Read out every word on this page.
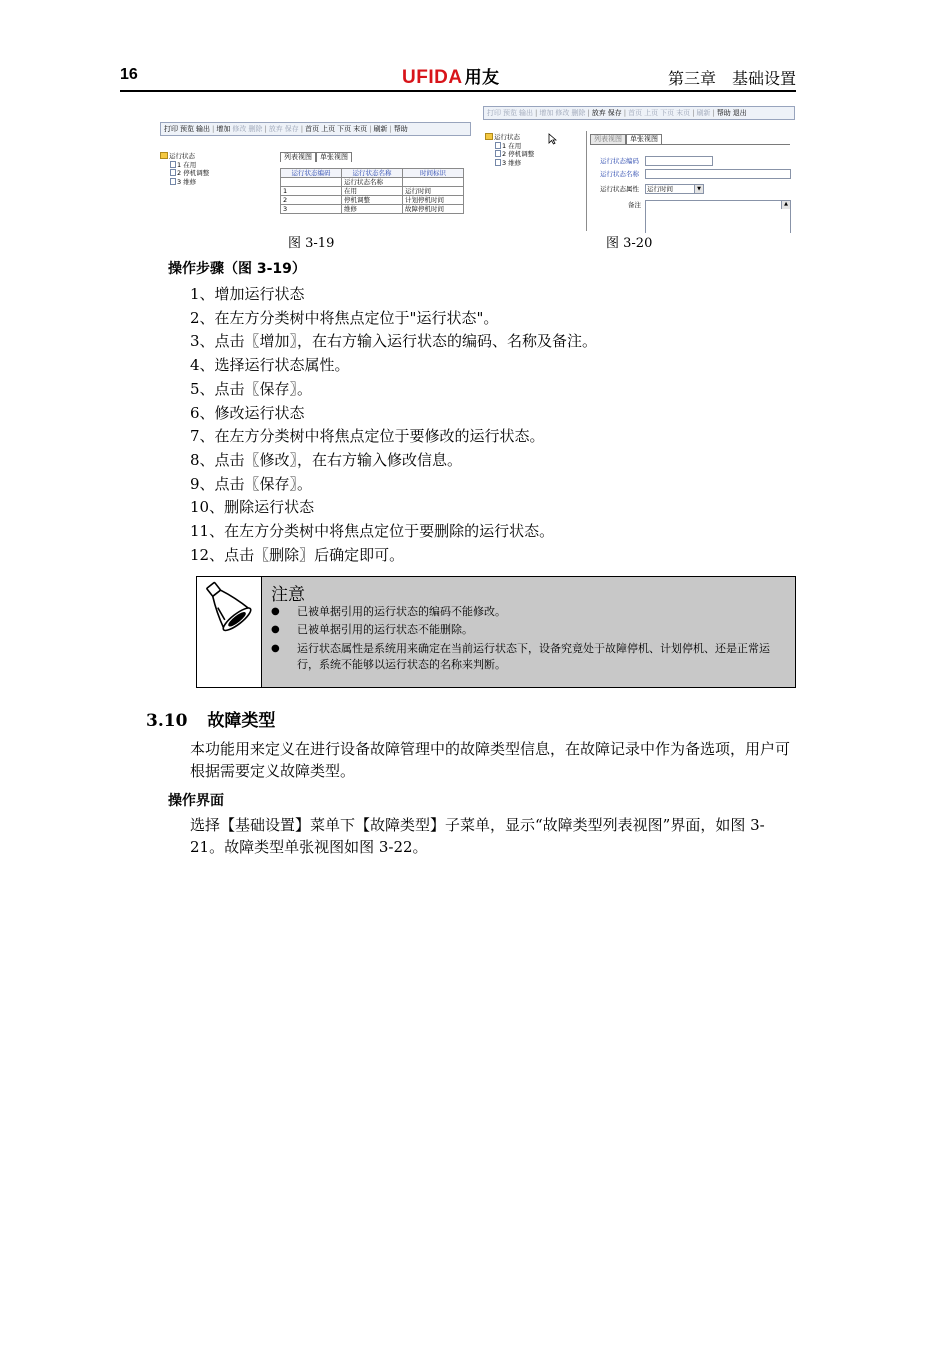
16	UFIDA 用友	第三章　基础设置
打印 预览 输出 | 增加 修改 删除 | 放弃 保存 | 首页 上页 下页 末页 | 刷新 | 帮助
运行状态
1 在用
2 停机调整
3 维修
列表视图 单张视图
运行状态编码	运行状态名称	时间标识
	运行状态名称	
1	在用	运行时间
2	停机调整	计划停机时间
3	维修	故障停机时间
图 3-19
打印 预览 输出 | 增加 修改 删除 | 放弃 保存 | 首页 上页 下页 末页 | 刷新 | 帮助 退出
运行状态
1 在用
2 停机调整
3 维修
列表视图 单张视图
运行状态编码
运行状态名称
运行状态属性	运行时间	▼
备注	▲
图 3-20
操作步骤（图 3-19）
1、增加运行状态
2、在左方分类树中将焦点定位于"运行状态"。
3、点击〖增加〗，在右方输入运行状态的编码、名称及备注。
4、选择运行状态属性。
5、点击〖保存〗。
6、修改运行状态
7、在左方分类树中将焦点定位于要修改的运行状态。
8、点击〖修改〗，在右方输入修改信息。
9、点击〖保存〗。
10、删除运行状态
11、在左方分类树中将焦点定位于要删除的运行状态。
12、点击〖删除〗后确定即可。
注意
● 已被单据引用的运行状态的编码不能修改。
● 已被单据引用的运行状态不能删除。
● 运行状态属性是系统用来确定在当前运行状态下，设备究竟处于故障停机、计划停机、还是正常运行，系统不能够以运行状态的名称来判断。
3.10 故障类型
本功能用来定义在进行设备故障管理中的故障类型信息，在故障记录中作为备选项，用户可根据需要定义故障类型。
操作界面
选择【基础设置】菜单下【故障类型】子菜单，显示“故障类型列表视图”界面，如图 3-21。故障类型单张视图如图 3-22。
